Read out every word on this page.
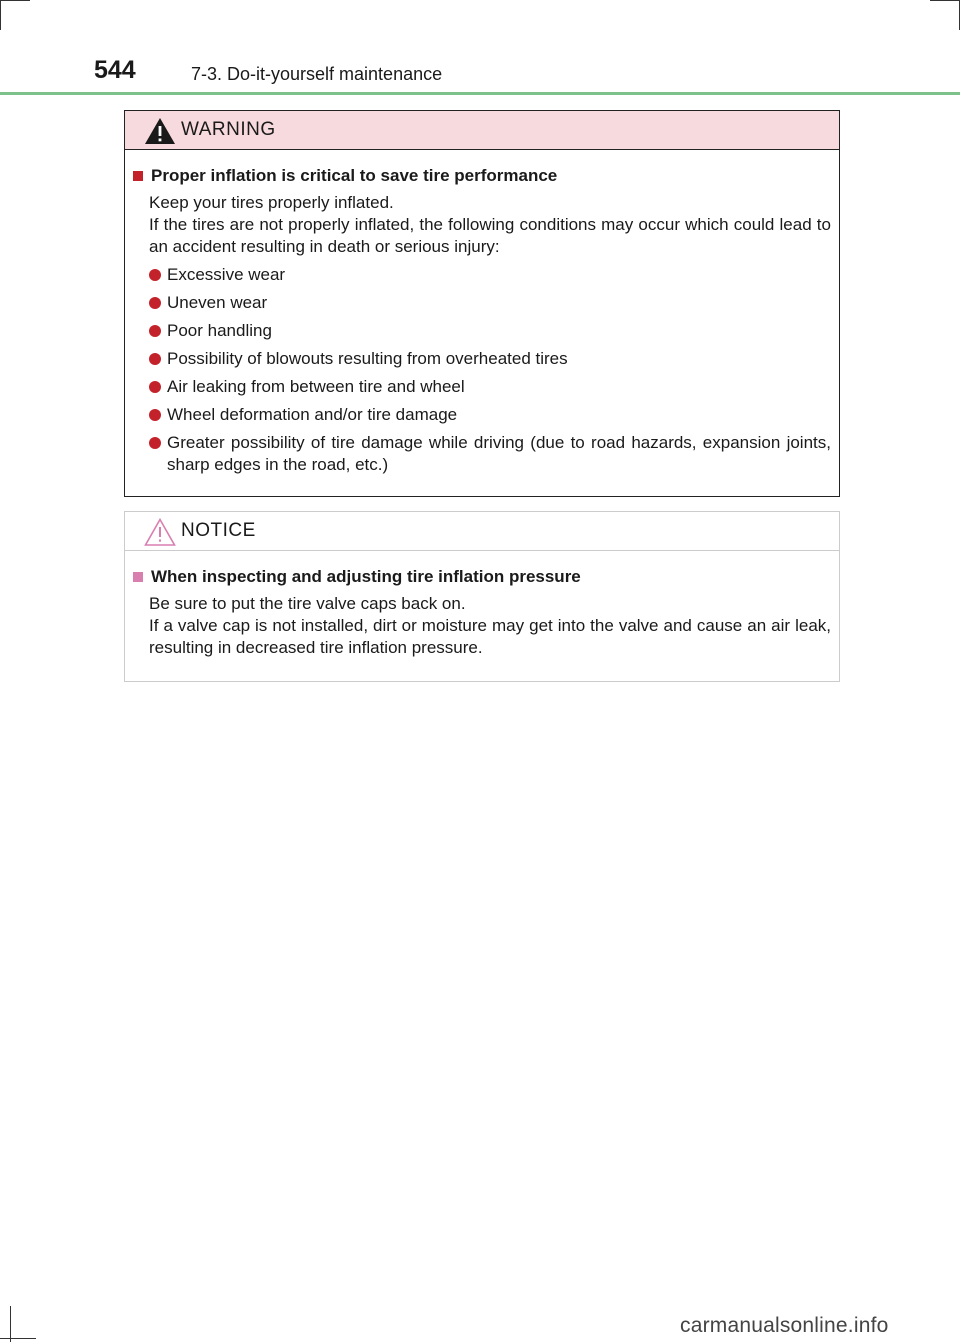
544	7-3. Do-it-yourself maintenance
WARNING
Proper inflation is critical to save tire performance
Keep your tires properly inflated.
If the tires are not properly inflated, the following conditions may occur which could lead to an accident resulting in death or serious injury:
Excessive wear
Uneven wear
Poor handling
Possibility of blowouts resulting from overheated tires
Air leaking from between tire and wheel
Wheel deformation and/or tire damage
Greater possibility of tire damage while driving (due to road hazards, expansion joints, sharp edges in the road, etc.)
NOTICE
When inspecting and adjusting tire inflation pressure
Be sure to put the tire valve caps back on.
If a valve cap is not installed, dirt or moisture may get into the valve and cause an air leak, resulting in decreased tire inflation pressure.
carmanualsonline.info
